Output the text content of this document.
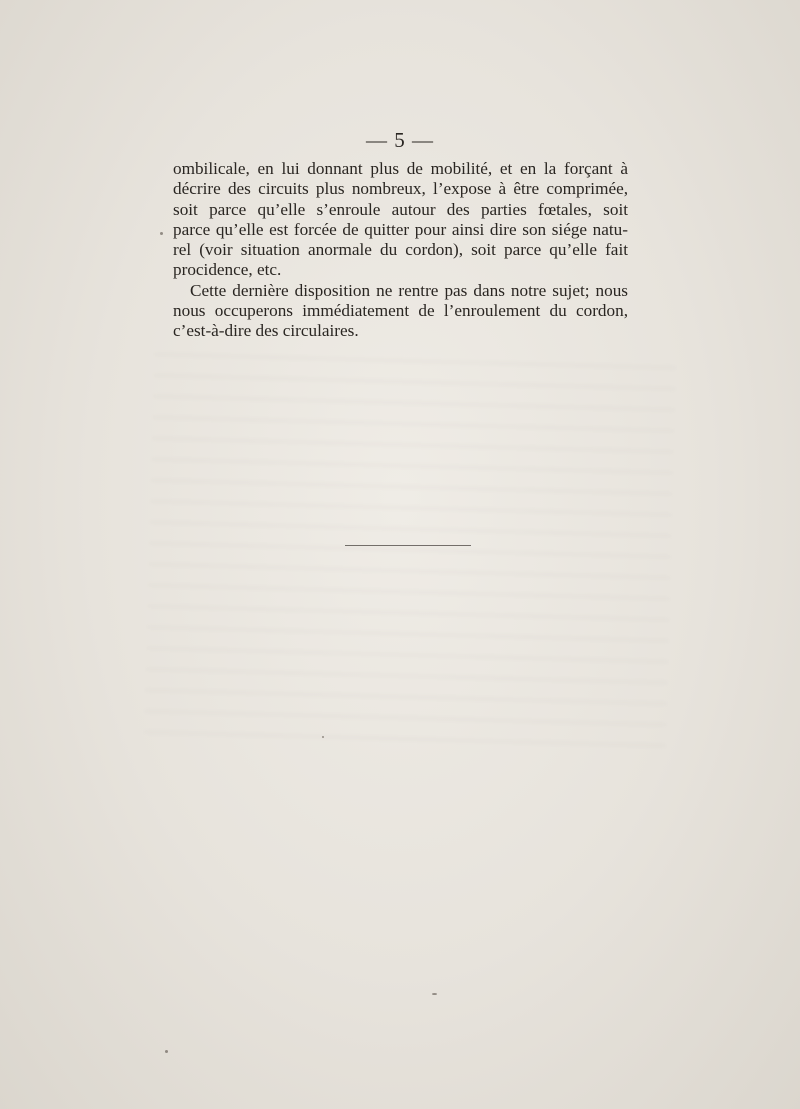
— 5 —
ombilicale, en lui donnant plus de mobilité, et en la forçant à
décrire des circuits plus nombreux, l’expose à être comprimée,
soit parce qu’elle s’enroule autour des parties fœtales, soit
parce qu’elle est forcée de quitter pour ainsi dire son siége natu-
rel (voir situation anormale du cordon), soit parce qu’elle fait
procidence, etc.
Cette dernière disposition ne rentre pas dans notre sujet; nous
nous occuperons immédiatement de l’enroulement du cordon,
c’est-à-dire des circulaires.
